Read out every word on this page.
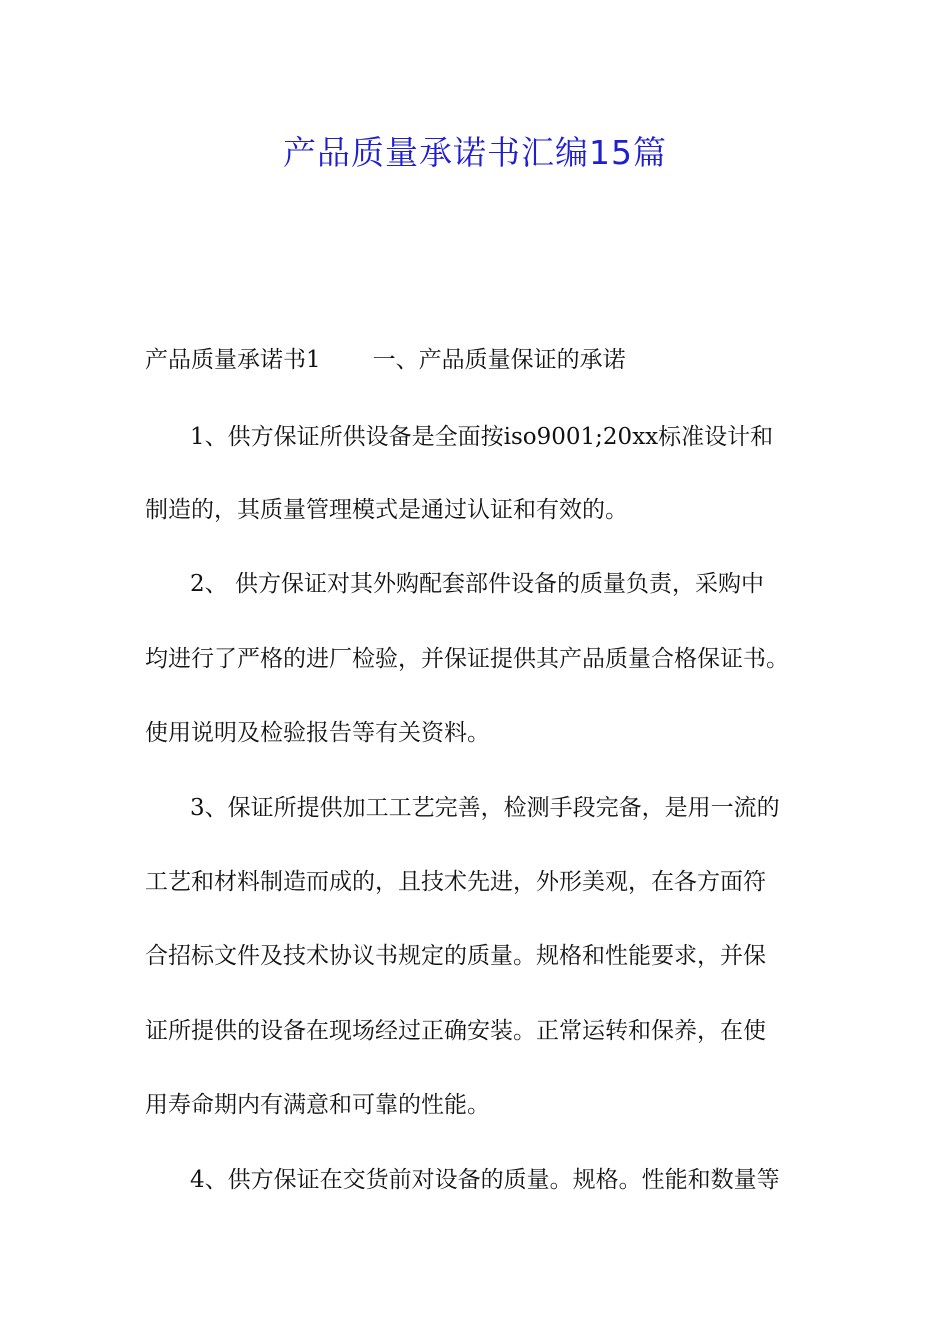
产品质量承诺书汇编15篇
产品质量承诺书1 一、产品质量保证的承诺
1、供方保证所供设备是全面按iso9001;20xx标准设计和
制造的，其质量管理模式是通过认证和有效的。
2、 供方保证对其外购配套部件设备的质量负责，采购中
均进行了严格的进厂检验，并保证提供其产品质量合格保证书。
使用说明及检验报告等有关资料。
3、保证所提供加工工艺完善，检测手段完备，是用一流的
工艺和材料制造而成的，且技术先进，外形美观，在各方面符
合招标文件及技术协议书规定的质量。规格和性能要求，并保
证所提供的设备在现场经过正确安装。正常运转和保养，在使
用寿命期内有满意和可靠的性能。
4、供方保证在交货前对设备的质量。规格。性能和数量等
